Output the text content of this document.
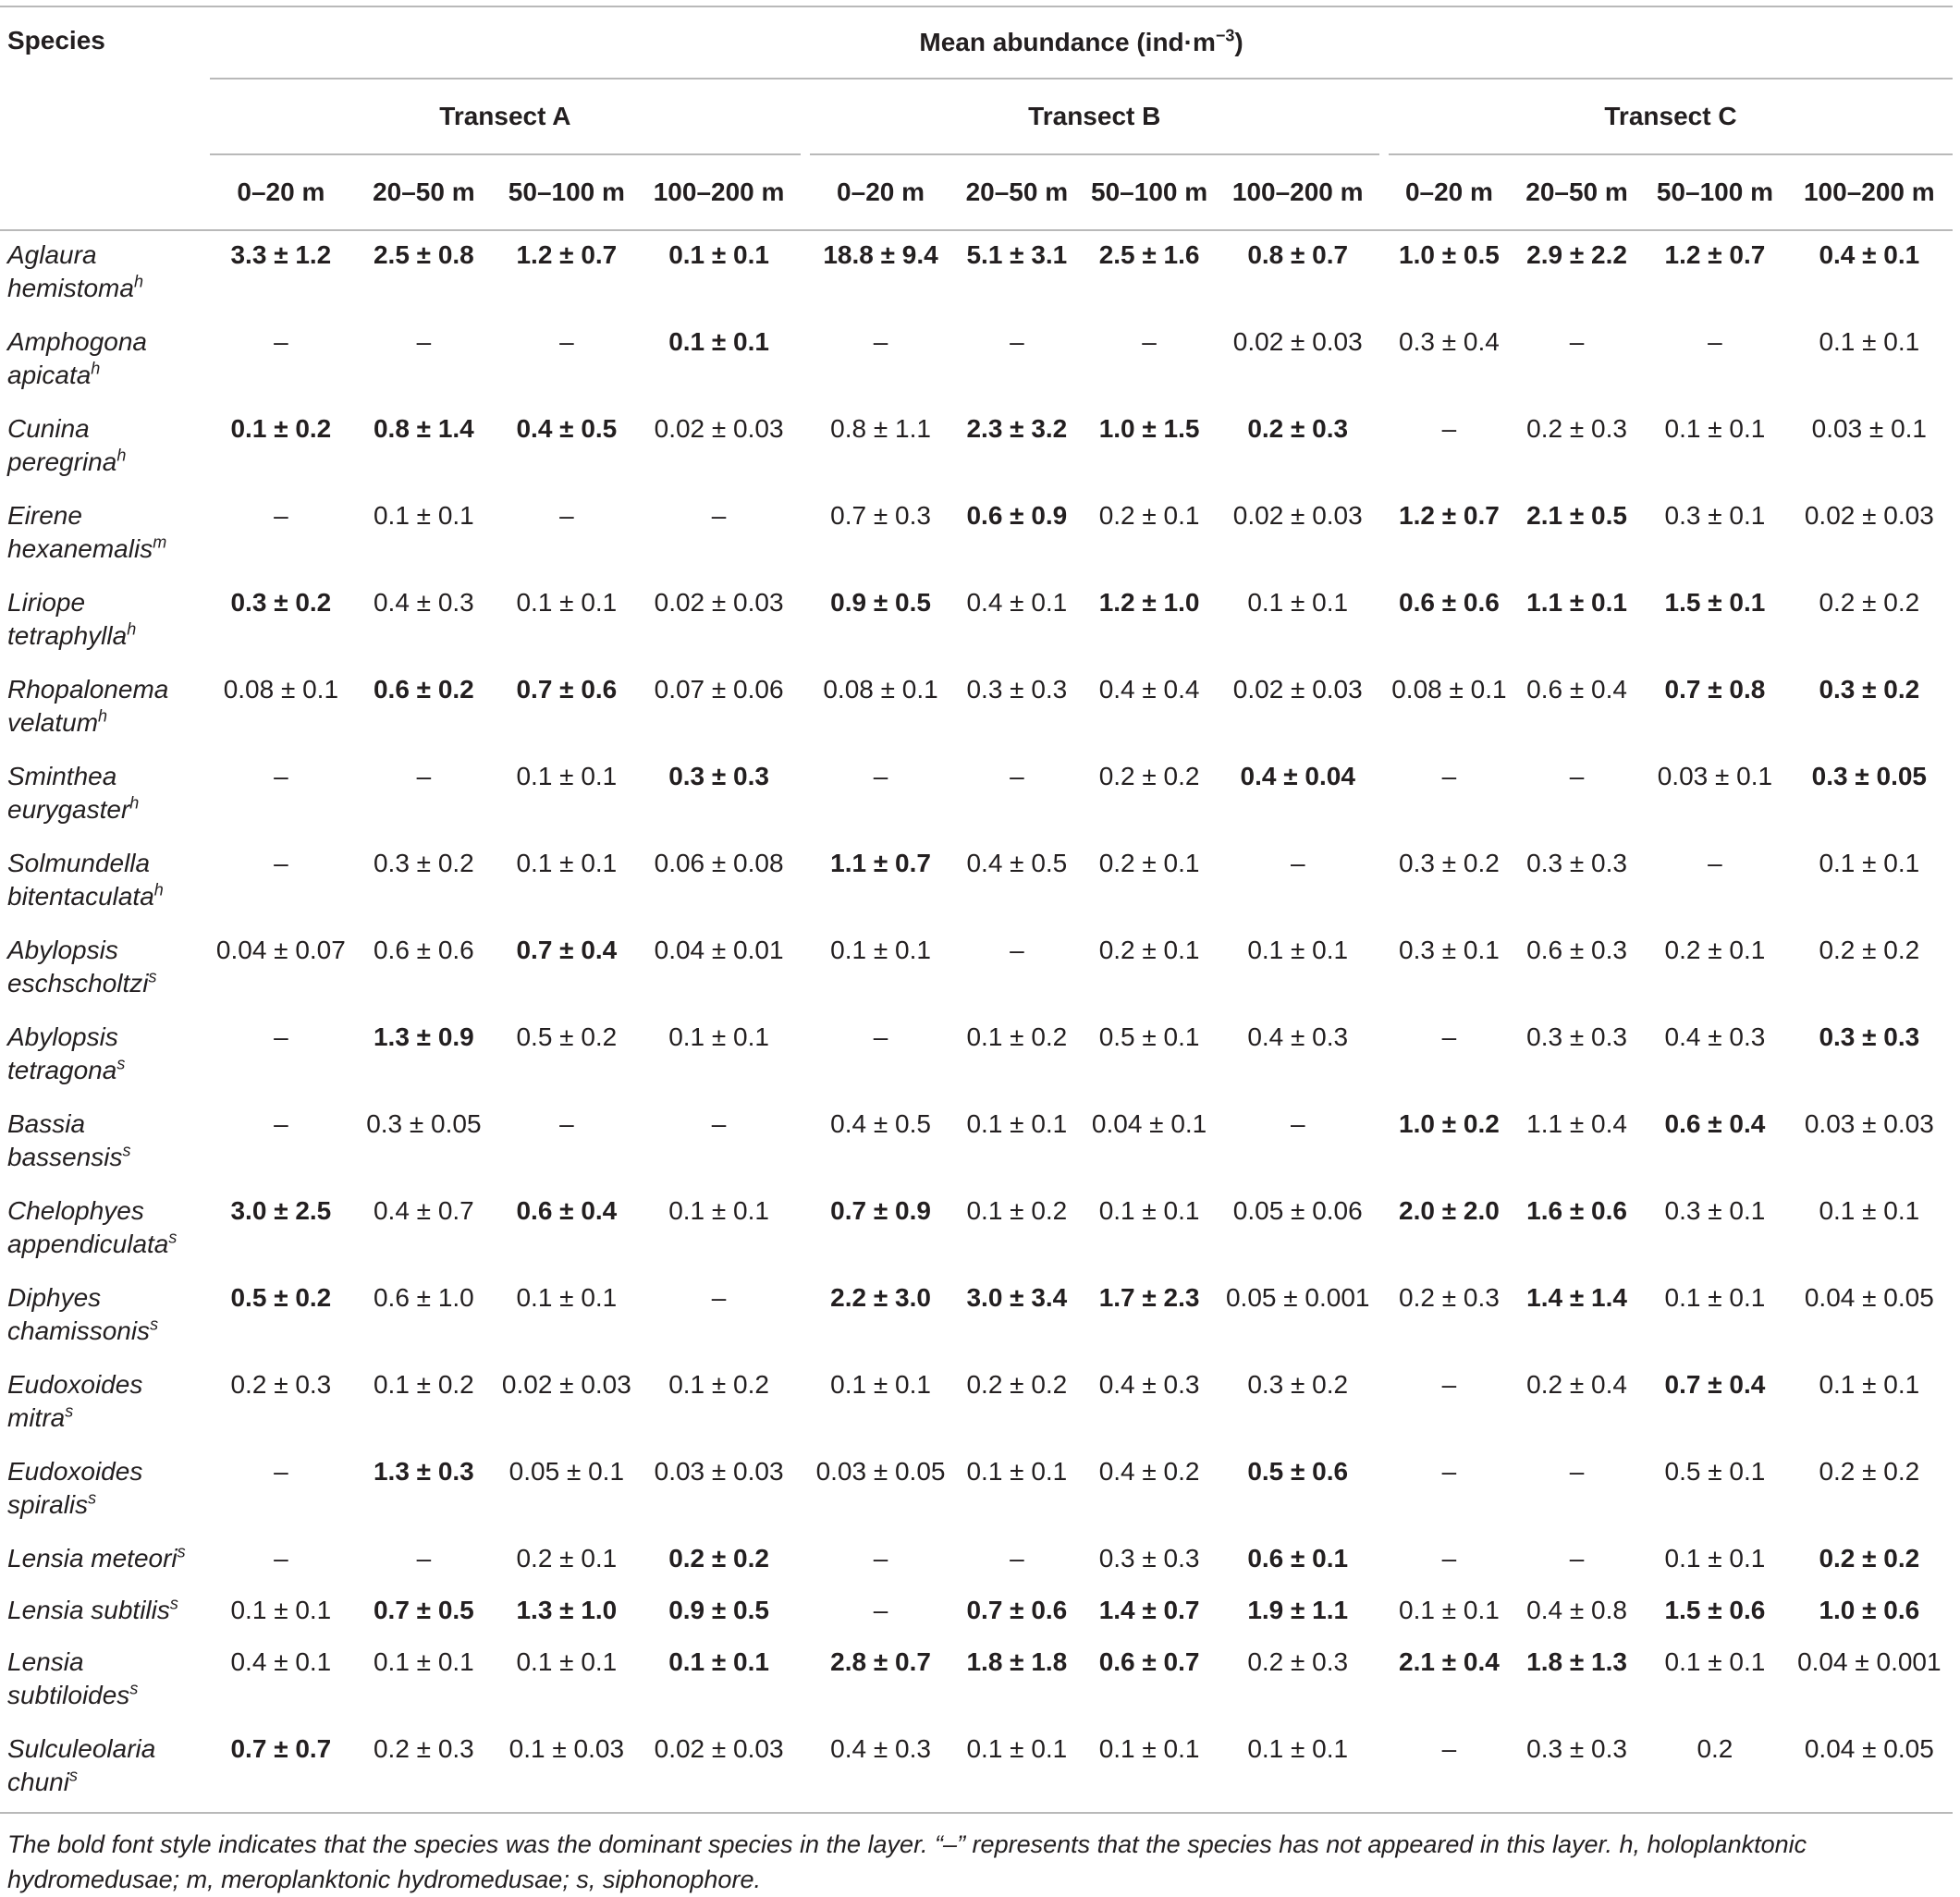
Species	Mean abundance $(ind\cdot m^{-3})$													
	Transect A					Transect B					Transect C			
	0–20 m	20–50 m	50–100 m	100–200 m		0–20 m	20–50 m	50–100 m	100–200 m		0–20 m	20–50 m	50–100 m	100–200 m
Aglaura
hemistoma$^h$	3.3 ± 1.2	2.5 ± 0.8	1.2 ± 0.7	0.1 ± 0.1		18.8 ± 9.4	5.1 ± 3.1	2.5 ± 1.6	0.8 ± 0.7		1.0 ± 0.5	2.9 ± 2.2	1.2 ± 0.7	0.4 ± 0.1
Amphogona
apicata$^h$	–	–	–	0.1 ± 0.1		–	–	–	0.02 ± 0.03		0.3 ± 0.4	–	–	0.1 ± 0.1
Cunina
peregrina$^h$	0.1 ± 0.2	0.8 ± 1.4	0.4 ± 0.5	0.02 ± 0.03		0.8 ± 1.1	2.3 ± 3.2	1.0 ± 1.5	0.2 ± 0.3		–	0.2 ± 0.3	0.1 ± 0.1	0.03 ± 0.1
Eirene
hexanemalis$^m$	–	0.1 ± 0.1	–	–		0.7 ± 0.3	0.6 ± 0.9	0.2 ± 0.1	0.02 ± 0.03		1.2 ± 0.7	2.1 ± 0.5	0.3 ± 0.1	0.02 ± 0.03
Liriope
tetraphylla$^h$	0.3 ± 0.2	0.4 ± 0.3	0.1 ± 0.1	0.02 ± 0.03		0.9 ± 0.5	0.4 ± 0.1	1.2 ± 1.0	0.1 ± 0.1		0.6 ± 0.6	1.1 ± 0.1	1.5 ± 0.1	0.2 ± 0.2
Rhopalonema
velatum$^h$	0.08 ± 0.1	0.6 ± 0.2	0.7 ± 0.6	0.07 ± 0.06		0.08 ± 0.1	0.3 ± 0.3	0.4 ± 0.4	0.02 ± 0.03		0.08 ± 0.1	0.6 ± 0.4	0.7 ± 0.8	0.3 ± 0.2
Sminthea
eurygaster$^h$	–	–	0.1 ± 0.1	0.3 ± 0.3		–	–	0.2 ± 0.2	0.4 ± 0.04		–	–	0.03 ± 0.1	0.3 ± 0.05
Solmundella
bitentaculata$^h$	–	0.3 ± 0.2	0.1 ± 0.1	0.06 ± 0.08		1.1 ± 0.7	0.4 ± 0.5	0.2 ± 0.1	–		0.3 ± 0.2	0.3 ± 0.3	–	0.1 ± 0.1
Abylopsis
eschscholtzi$^s$	0.04 ± 0.07	0.6 ± 0.6	0.7 ± 0.4	0.04 ± 0.01		0.1 ± 0.1	–	0.2 ± 0.1	0.1 ± 0.1		0.3 ± 0.1	0.6 ± 0.3	0.2 ± 0.1	0.2 ± 0.2
Abylopsis
tetragona$^s$	–	1.3 ± 0.9	0.5 ± 0.2	0.1 ± 0.1		–	0.1 ± 0.2	0.5 ± 0.1	0.4 ± 0.3		–	0.3 ± 0.3	0.4 ± 0.3	0.3 ± 0.3
Bassia
bassensis$^s$	–	0.3 ± 0.05	–	–		0.4 ± 0.5	0.1 ± 0.1	0.04 ± 0.1	–		1.0 ± 0.2	1.1 ± 0.4	0.6 ± 0.4	0.03 ± 0.03
Chelophyes
appendiculata$^s$	3.0 ± 2.5	0.4 ± 0.7	0.6 ± 0.4	0.1 ± 0.1		0.7 ± 0.9	0.1 ± 0.2	0.1 ± 0.1	0.05 ± 0.06		2.0 ± 2.0	1.6 ± 0.6	0.3 ± 0.1	0.1 ± 0.1
Diphyes
chamissonis$^s$	0.5 ± 0.2	0.6 ± 1.0	0.1 ± 0.1	–		2.2 ± 3.0	3.0 ± 3.4	1.7 ± 2.3	0.05 ± 0.001		0.2 ± 0.3	1.4 ± 1.4	0.1 ± 0.1	0.04 ± 0.05
Eudoxoides
mitra$^s$	0.2 ± 0.3	0.1 ± 0.2	0.02 ± 0.03	0.1 ± 0.2		0.1 ± 0.1	0.2 ± 0.2	0.4 ± 0.3	0.3 ± 0.2		–	0.2 ± 0.4	0.7 ± 0.4	0.1 ± 0.1
Eudoxoides
spiralis$^s$	–	1.3 ± 0.3	0.05 ± 0.1	0.03 ± 0.03		0.03 ± 0.05	0.1 ± 0.1	0.4 ± 0.2	0.5 ± 0.6		–	–	0.5 ± 0.1	0.2 ± 0.2
Lensia meteori$^s$	–	–	0.2 ± 0.1	0.2 ± 0.2		–	–	0.3 ± 0.3	0.6 ± 0.1		–	–	0.1 ± 0.1	0.2 ± 0.2
Lensia subtilis$^s$	0.1 ± 0.1	0.7 ± 0.5	1.3 ± 1.0	0.9 ± 0.5		–	0.7 ± 0.6	1.4 ± 0.7	1.9 ± 1.1		0.1 ± 0.1	0.4 ± 0.8	1.5 ± 0.6	1.0 ± 0.6
Lensia
subtiloides$^s$	0.4 ± 0.1	0.1 ± 0.1	0.1 ± 0.1	0.1 ± 0.1		2.8 ± 0.7	1.8 ± 1.8	0.6 ± 0.7	0.2 ± 0.3		2.1 ± 0.4	1.8 ± 1.3	0.1 ± 0.1	0.04 ± 0.001
Sulculeolaria
chuni$^s$	0.7 ± 0.7	0.2 ± 0.3	0.1 ± 0.03	0.02 ± 0.03		0.4 ± 0.3	0.1 ± 0.1	0.1 ± 0.1	0.1 ± 0.1		–	0.3 ± 0.3	0.2	0.04 ± 0.05
The bold font style indicates that the species was the dominant species in the layer. “–” represents that the species has not appeared in this layer. h, holoplanktonic hydromedusae; m, meroplanktonic hydromedusae; s, siphonophore.
